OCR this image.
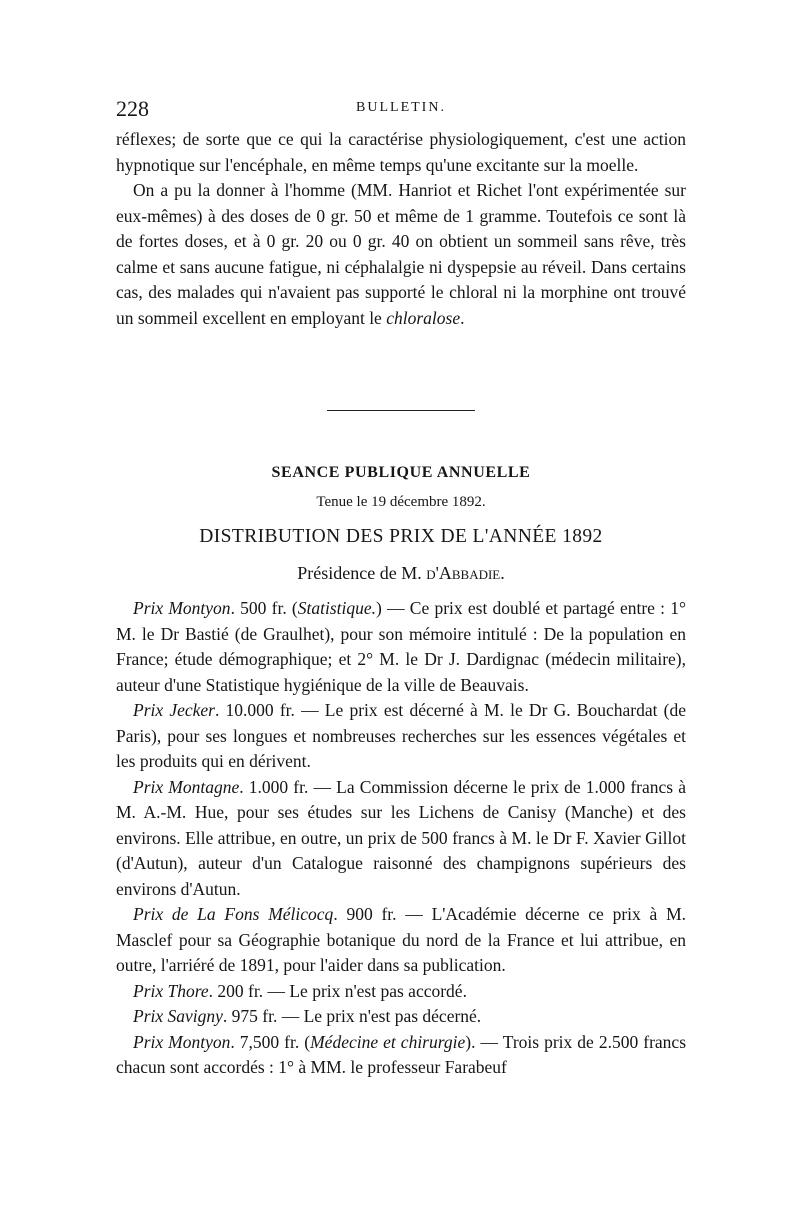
228	BULLETIN.

réflexes; de sorte que ce qui la caractérise physiologiquement, c'est une action hypnotique sur l'encéphale, en même temps qu'une excitante sur la moelle.

On a pu la donner à l'homme (MM. Hanriot et Richet l'ont expérimentée sur eux-mêmes) à des doses de 0 gr. 50 et même de 1 gramme. Toutefois ce sont là de fortes doses, et à 0 gr. 20 ou 0 gr. 40 on obtient un sommeil sans rêve, très calme et sans aucune fatigue, ni céphalalgie ni dyspepsie au réveil. Dans certains cas, des malades qui n'avaient pas supporté le chloral ni la morphine ont trouvé un sommeil excellent en employant le chloralose.

SEANCE PUBLIQUE ANNUELLE
Tenue le 19 décembre 1892.
DISTRIBUTION DES PRIX DE L'ANNÉE 1892
Présidence de M. d'Abbadie.

Prix Montyon. 500 fr. (Statistique.) — Ce prix est doublé et partagé entre : 1° M. le Dr Bastié (de Graulhet), pour son mémoire intitulé : De la population en France; étude démographique; et 2° M. le Dr J. Dardignac (médecin militaire), auteur d'une Statistique hygiénique de la ville de Beauvais.

Prix Jecker. 10.000 fr. — Le prix est décerné à M. le Dr G. Bouchardat (de Paris), pour ses longues et nombreuses recherches sur les essences végétales et les produits qui en dérivent.

Prix Montagne. 1.000 fr. — La Commission décerne le prix de 1.000 francs à M. A.-M. Hue, pour ses études sur les Lichens de Canisy (Manche) et des environs. Elle attribue, en outre, un prix de 500 francs à M. le Dr F. Xavier Gillot (d'Autun), auteur d'un Catalogue raisonné des champignons supérieurs des environs d'Autun.

Prix de La Fons Mélicocq. 900 fr. — L'Académie décerne ce prix à M. Masclef pour sa Géographie botanique du nord de la France et lui attribue, en outre, l'arriéré de 1891, pour l'aider dans sa publication.

Prix Thore. 200 fr. — Le prix n'est pas accordé.

Prix Savigny. 975 fr. — Le prix n'est pas décerné.

Prix Montyon. 7,500 fr. (Médecine et chirurgie). — Trois prix de 2.500 francs chacun sont accordés : 1° à MM. le professeur Farabeuf
